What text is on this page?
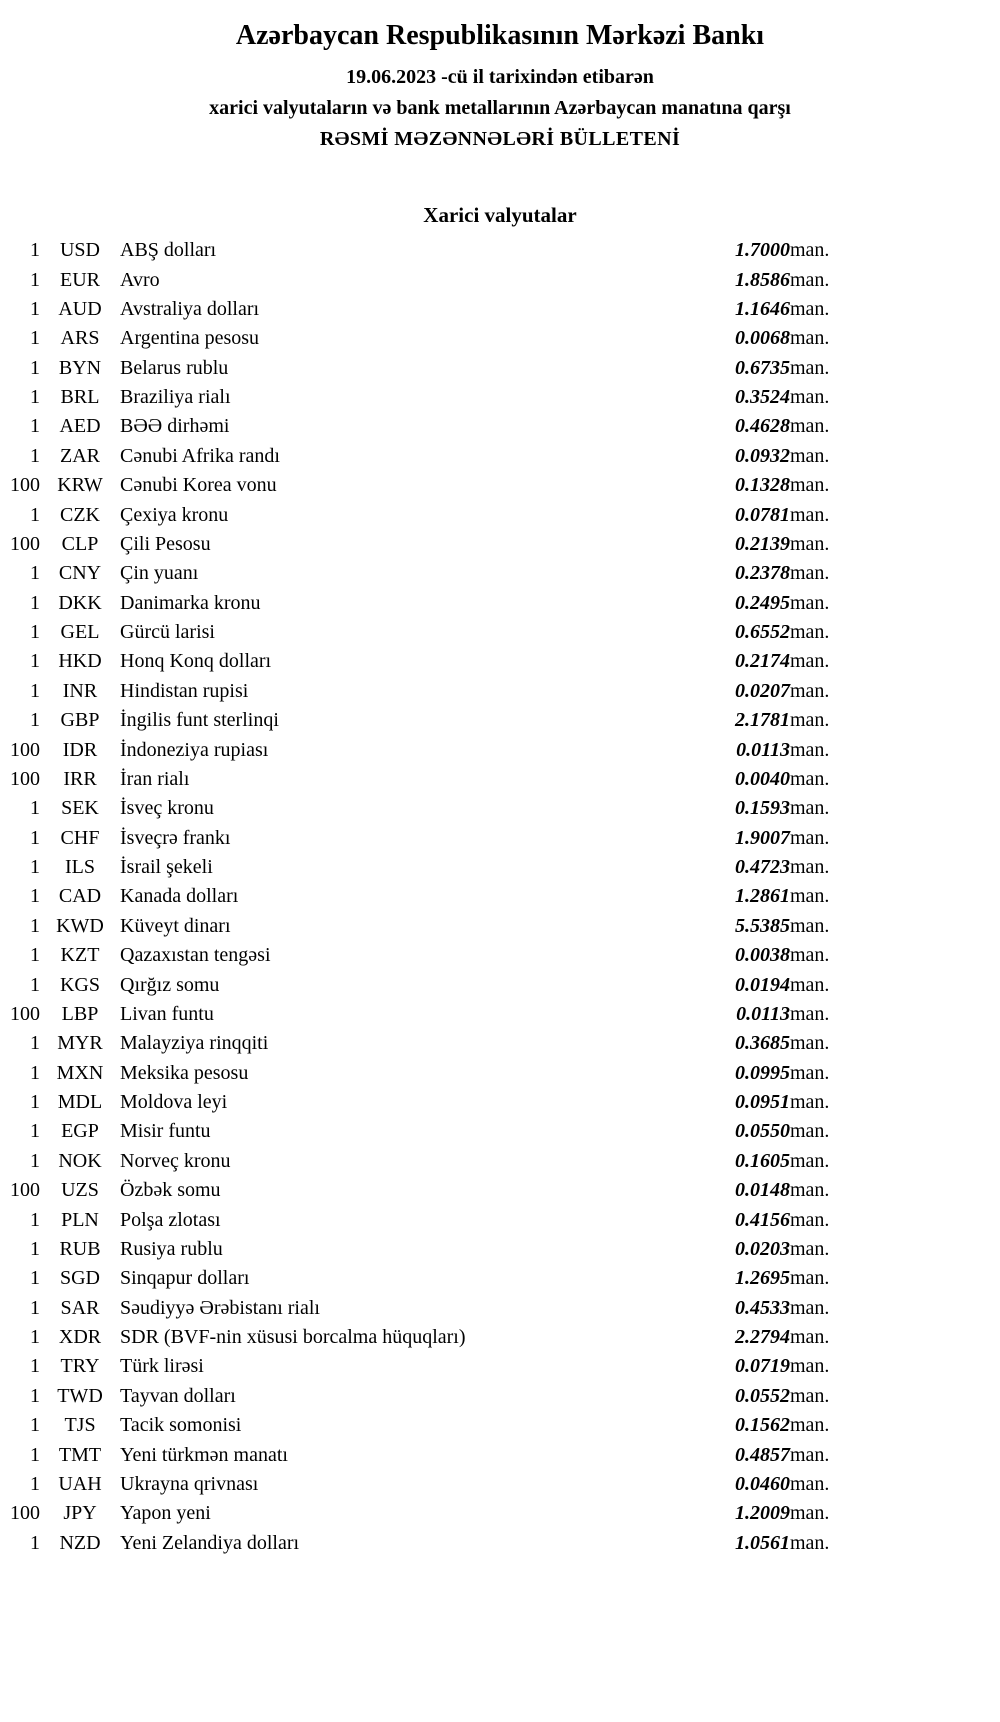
Azərbaycan Respublikasının Mərkəzi Bankı
19.06.2023 -cü il tarixindən etibarən
xarici valyutaların və bank metallarının Azərbaycan manatına qarşı
RƏSMİ MƏZƏNNƏLƏRİ BÜLLETENİ
Xarici valyutalar
1	USD	ABŞ dolları	1.7000	man.
1	EUR	Avro	1.8586	man.
1	AUD	Avstraliya dolları	1.1646	man.
1	ARS	Argentina pesosu	0.0068	man.
1	BYN	Belarus rublu	0.6735	man.
1	BRL	Braziliya rialı	0.3524	man.
1	AED	BƏƏ dirhəmi	0.4628	man.
1	ZAR	Cənubi Afrika randı	0.0932	man.
100	KRW	Cənubi Korea vonu	0.1328	man.
1	CZK	Çexiya kronu	0.0781	man.
100	CLP	Çili Pesosu	0.2139	man.
1	CNY	Çin yuanı	0.2378	man.
1	DKK	Danimarka kronu	0.2495	man.
1	GEL	Gürcü larisi	0.6552	man.
1	HKD	Honq Konq dolları	0.2174	man.
1	INR	Hindistan rupisi	0.0207	man.
1	GBP	İngilis funt sterlinqi	2.1781	man.
100	IDR	İndoneziya rupiası	0.0113	man.
100	IRR	İran rialı	0.0040	man.
1	SEK	İsveç kronu	0.1593	man.
1	CHF	İsveçrə frankı	1.9007	man.
1	ILS	İsrail şekeli	0.4723	man.
1	CAD	Kanada dolları	1.2861	man.
1	KWD	Küveyt dinarı	5.5385	man.
1	KZT	Qazaxıstan tengəsi	0.0038	man.
1	KGS	Qırğız somu	0.0194	man.
100	LBP	Livan funtu	0.0113	man.
1	MYR	Malayziya rinqqiti	0.3685	man.
1	MXN	Meksika pesosu	0.0995	man.
1	MDL	Moldova leyi	0.0951	man.
1	EGP	Misir funtu	0.0550	man.
1	NOK	Norveç kronu	0.1605	man.
100	UZS	Özbək somu	0.0148	man.
1	PLN	Polşa zlotası	0.4156	man.
1	RUB	Rusiya rublu	0.0203	man.
1	SGD	Sinqapur dolları	1.2695	man.
1	SAR	Səudiyyə Ərəbistanı rialı	0.4533	man.
1	XDR	SDR (BVF-nin xüsusi borcalma hüquqları)	2.2794	man.
1	TRY	Türk lirəsi	0.0719	man.
1	TWD	Tayvan dolları	0.0552	man.
1	TJS	Tacik somonisi	0.1562	man.
1	TMT	Yeni türkmən manatı	0.4857	man.
1	UAH	Ukrayna qrivnası	0.0460	man.
100	JPY	Yapon yeni	1.2009	man.
1	NZD	Yeni Zelandiya dolları	1.0561	man.
